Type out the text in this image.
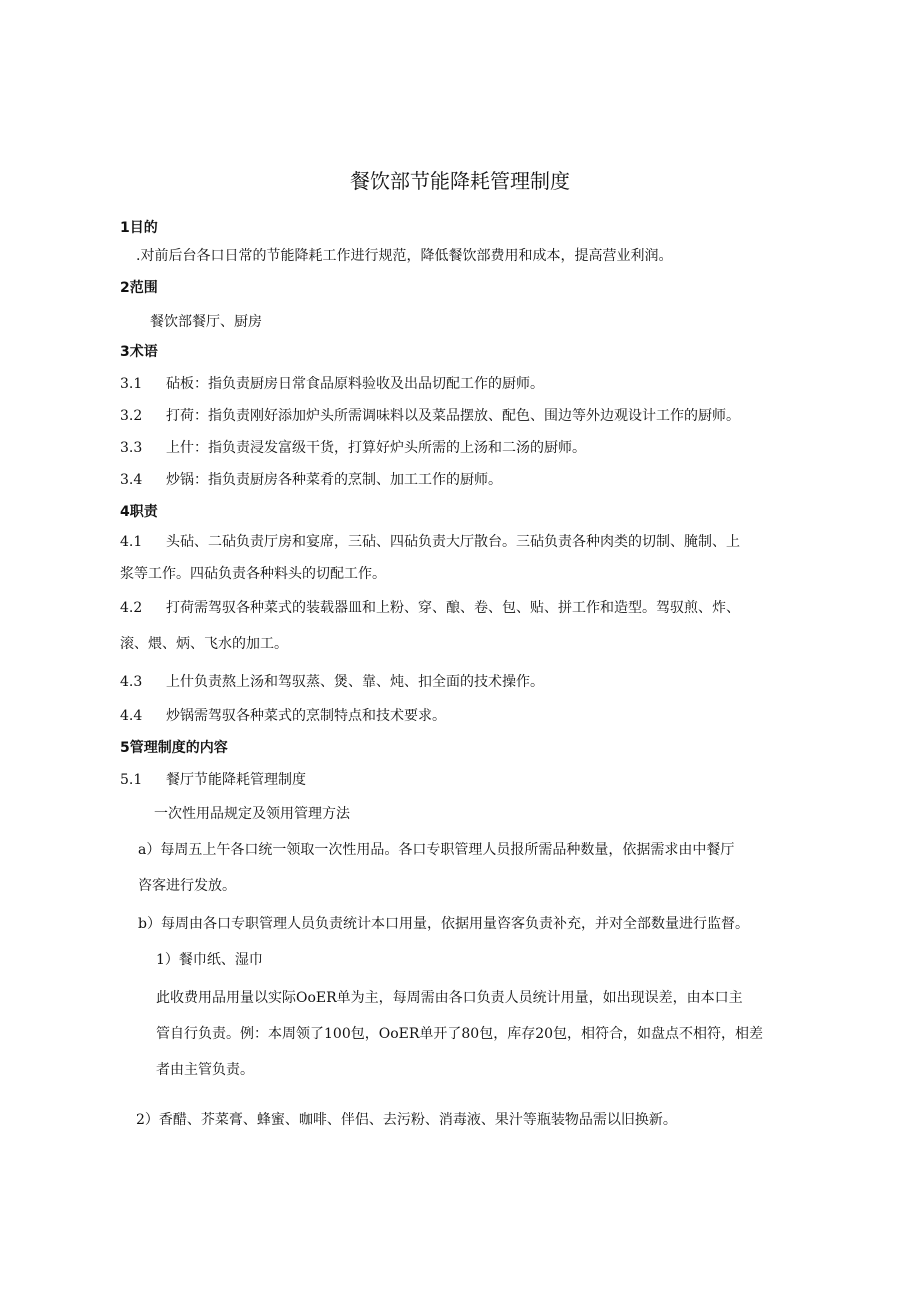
餐饮部节能降耗管理制度
1目的
.对前后台各口日常的节能降耗工作进行规范，降低餐饮部费用和成本，提高营业利润。
2范围
餐饮部餐厅、厨房
3术语
3.1 砧板：指负责厨房日常食品原料验收及出品切配工作的厨师。
3.2 打荷：指负责刚好添加炉头所需调味料以及菜品摆放、配色、围边等外边观设计工作的厨师。
3.3 上什：指负责浸发富级干货，打算好炉头所需的上汤和二汤的厨师。
3.4 炒锅：指负责厨房各种菜肴的烹制、加工工作的厨师。
4职责
4.1 头砧、二砧负责厅房和宴席，三砧、四砧负责大厅散台。三砧负责各种肉类的切制、腌制、上
浆等工作。四砧负责各种料头的切配工作。
4.2 打荷需驾驭各种菜式的装载器皿和上粉、穿、酿、卷、包、贴、拼工作和造型。驾驭煎、炸、
滚、煨、炳、飞水的加工。
4.3 上什负责熬上汤和驾驭蒸、煲、靠、炖、扣全面的技术操作。
4.4 炒锅需驾驭各种菜式的烹制特点和技术要求。
5管理制度的内容
5.1 餐厅节能降耗管理制度
一次性用品规定及领用管理方法
a）每周五上午各口统一领取一次性用品。各口专职管理人员报所需品种数量，依据需求由中餐厅
咨客进行发放。
b）每周由各口专职管理人员负责统计本口用量，依据用量咨客负责补充，并对全部数量进行监督。
1）餐巾纸、湿巾
此收费用品用量以实际OoER单为主，每周需由各口负责人员统计用量，如出现误差，由本口主
管自行负责。例：本周领了100包，OoER单开了80包，库存20包，相符合，如盘点不相符，相差
者由主管负责。
2）香醋、芥菜膏、蜂蜜、咖啡、伴侣、去污粉、消毒液、果汁等瓶装物品需以旧换新。
